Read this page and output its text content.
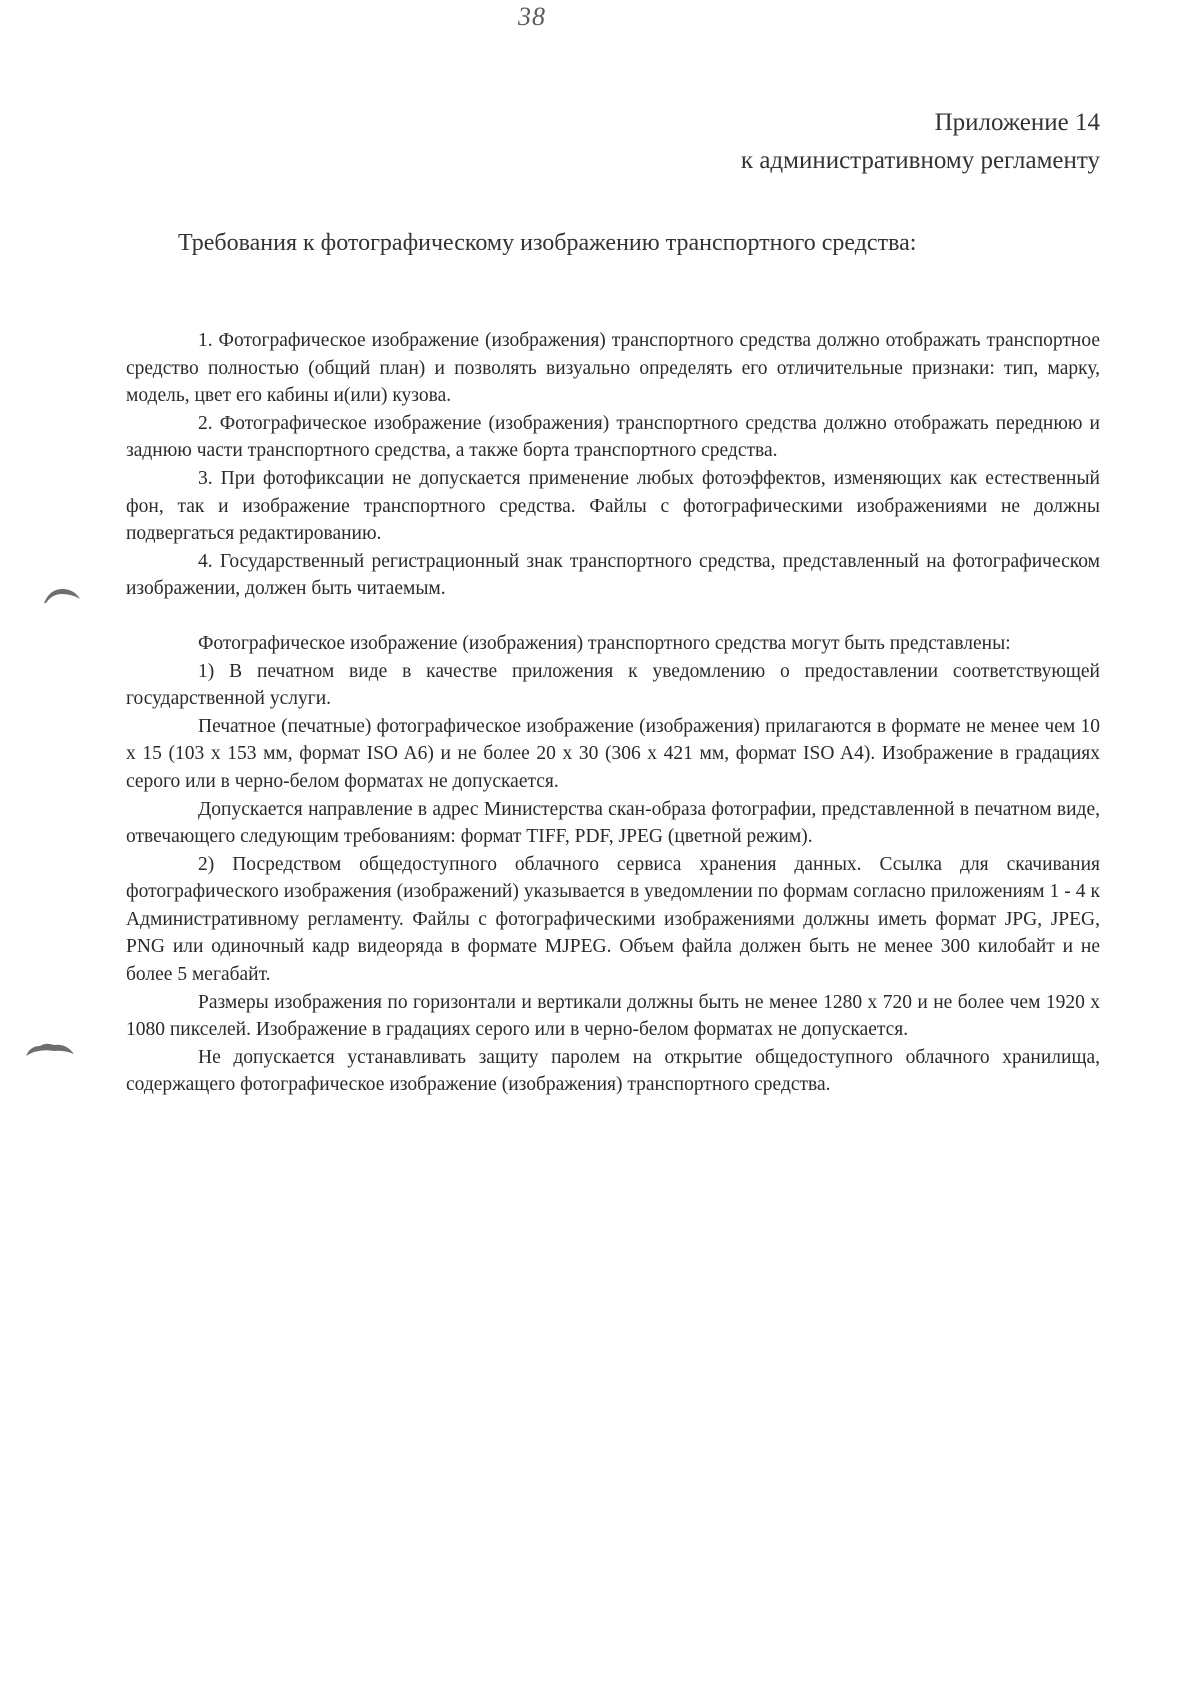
38
Приложение 14
к административному регламенту
Требования к фотографическому изображению транспортного средства:

1. Фотографическое изображение (изображения) транспортного средства должно отображать транспортное средство полностью (общий план) и позволять визуально определять его отличительные признаки: тип, марку, модель, цвет его кабины и(или) кузова.

2. Фотографическое изображение (изображения) транспортного средства должно отображать переднюю и заднюю части транспортного средства, а также борта транспортного средства.

3. При фотофиксации не допускается применение любых фотоэффектов, изменяющих как естественный фон, так и изображение транспортного средства. Файлы с фотографическими изображениями не должны подвергаться редактированию.

4. Государственный регистрационный знак транспортного средства, представленный на фотографическом изображении, должен быть читаемым.

Фотографическое изображение (изображения) транспортного средства могут быть представлены:

1) В печатном виде в качестве приложения к уведомлению о предоставлении соответствующей государственной услуги.

Печатное (печатные) фотографическое изображение (изображения) прилагаются в формате не менее чем 10 х 15 (103 х 153 мм, формат ISO A6) и не более 20 х 30 (306 х 421 мм, формат ISO A4). Изображение в градациях серого или в черно-белом форматах не допускается.

Допускается направление в адрес Министерства скан-образа фотографии, представленной в печатном виде, отвечающего следующим требованиям: формат TIFF, PDF, JPEG (цветной режим).

2) Посредством общедоступного облачного сервиса хранения данных. Ссылка для скачивания фотографического изображения (изображений) указывается в уведомлении по формам согласно приложениям 1 - 4 к Административному регламенту. Файлы с фотографическими изображениями должны иметь формат JPG, JPEG, PNG или одиночный кадр видеоряда в формате MJPEG. Объем файла должен быть не менее 300 килобайт и не более 5 мегабайт.

Размеры изображения по горизонтали и вертикали должны быть не менее 1280 х 720 и не более чем 1920 х 1080 пикселей. Изображение в градациях серого или в черно-белом форматах не допускается.

Не допускается устанавливать защиту паролем на открытие общедоступного облачного хранилища, содержащего фотографическое изображение (изображения) транспортного средства.
